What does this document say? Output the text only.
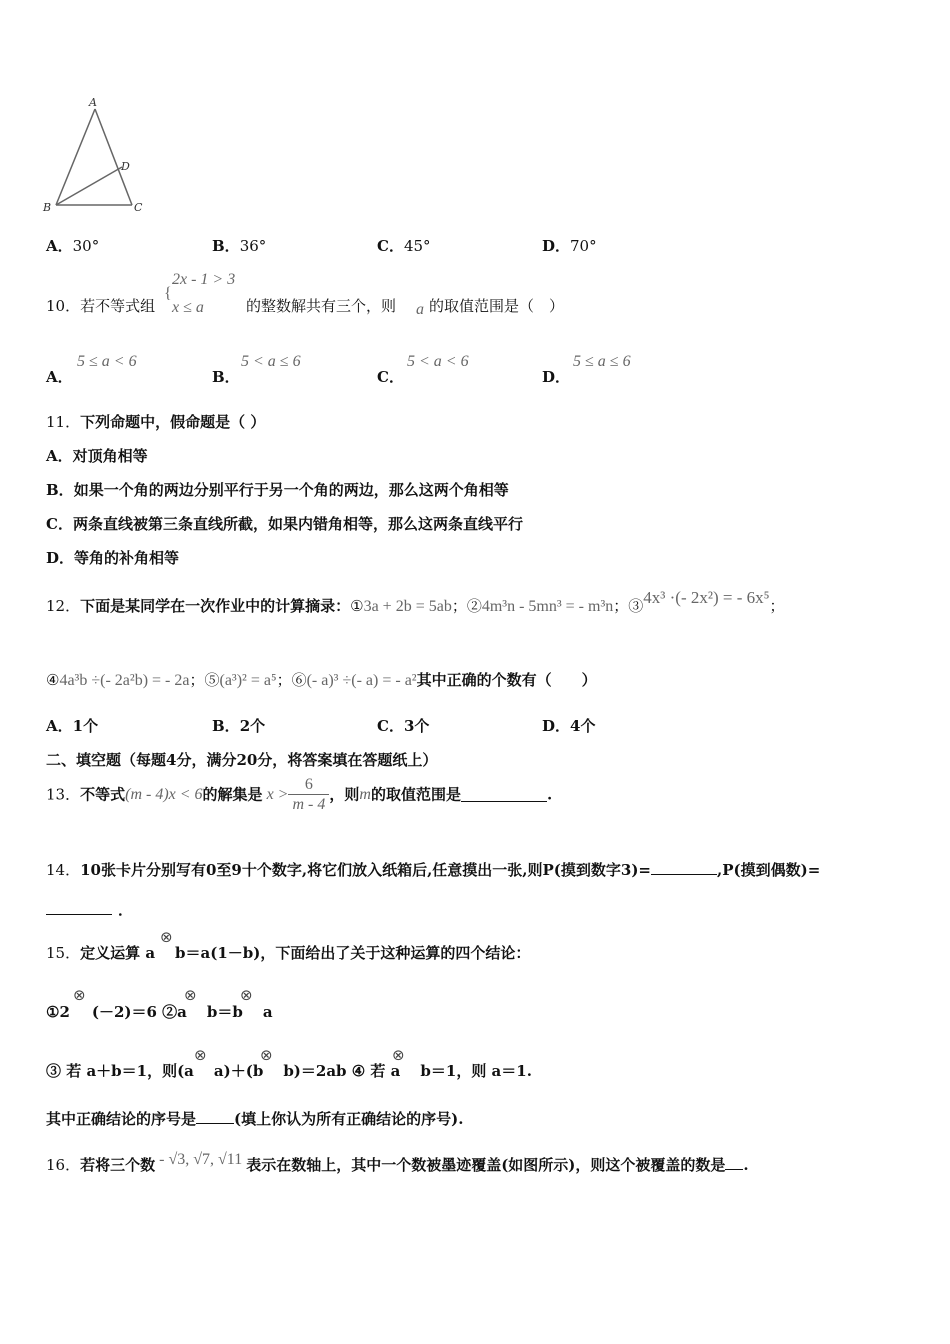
A
D
B	C
A．30°	B．36°	C．45°	D．70°
10．若不等式组
{
2x - 1 > 3
x ≤ a	的整数解共有三个，则 a 的取值范围是（　）
A．
5 ≤ a < 6
B．
5 < a ≤ 6
C．
5 < a < 6
D．
5 ≤ a ≤ 6
11．下列命题中，假命题是（ ）
A．对顶角相等
B．如果一个角的两边分别平行于另一个角的两边，那么这两个角相等
C．两条直线被第三条直线所截，如果内错角相等，那么这两条直线平行
D．等角的补角相等
12．下面是某同学在一次作业中的计算摘录：①3a + 2b = 5ab；②4m³n - 5mn³ = - m³n；③4x³ ·(- 2x²) = - 6x⁵；
④4a³b ÷(- 2a²b) = - 2a；⑤(a³)² = a⁵；⑥(- a)³ ÷(- a) = - a²其中正确的个数有（　　）
A．1个	B．2个	C．3个	D．4个
二、填空题（每题4分，满分20分，将答案填在答题纸上）
13．不等式(m - 4)x < 6的解集是 $x > \frac{6}{m - 4}$ ，则m的取值范围是	.
14．10张卡片分别写有0至9十个数字,将它们放入纸箱后,任意摸出一张,则P(摸到数字3)=	,P(摸到偶数)=
．
15．定义运算 a b＝a(1－b)，下面给出了关于这种运算的四个结论：
⊗
①2 (－2)＝6 ②a b＝b a
⊗	⊗	⊗
③ 若 a＋b＝1，则(a a)＋(b b)＝2ab ④ 若 a b＝1，则 a＝1.
⊗	⊗	⊗
其中正确结论的序号是	(填上你认为所有正确结论的序号).
16．若将三个数 - √3, √7, √11 表示在数轴上，其中一个数被墨迹覆盖(如图所示)，则这个被覆盖的数是 .
